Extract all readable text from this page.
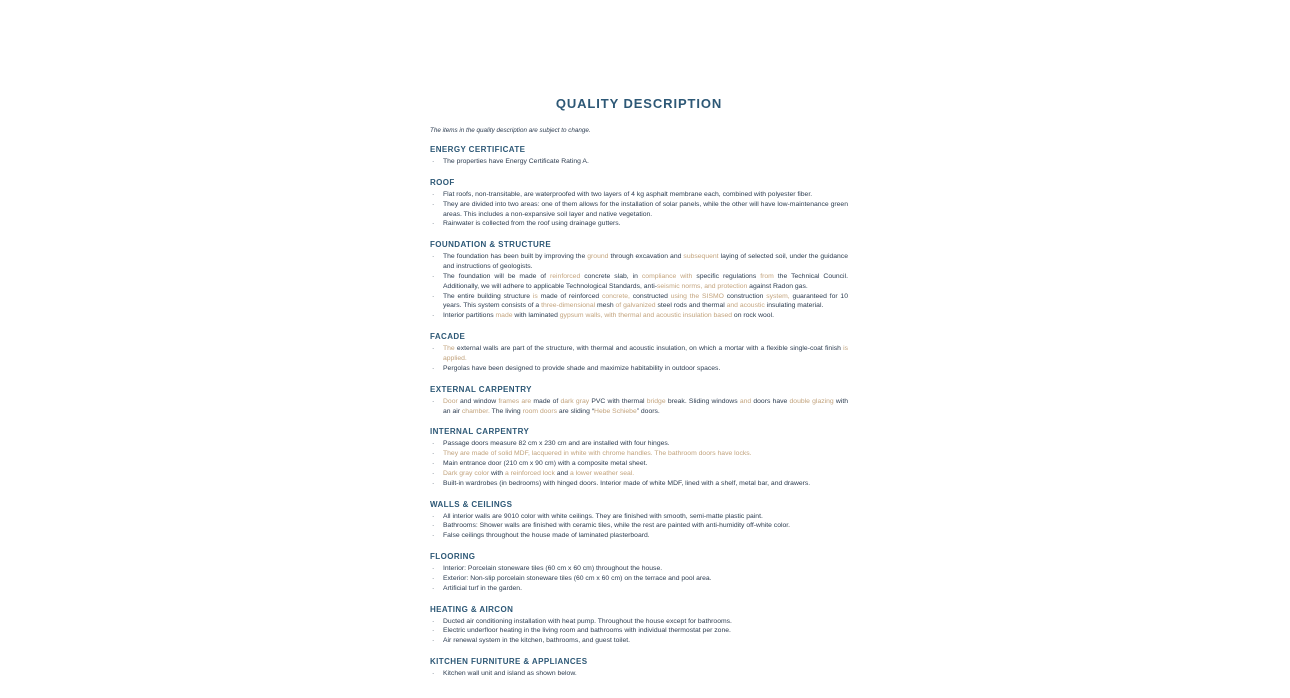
QUALITY DESCRIPTION

The items in the quality description are subject to change.

ENERGY CERTIFICATE
· The properties have Energy Certificate Rating A.
ROOF
· Flat roofs, non-transitable, are waterproofed with two layers of 4 kg asphalt membrane each, combined with polyester fiber.
· They are divided into two areas: one of them allows for the installation of solar panels, while the other will have low-maintenance green areas. This includes a non-expansive soil layer and native vegetation.
· Rainwater is collected from the roof using drainage gutters.
FOUNDATION & STRUCTURE
· The foundation has been built by improving the ground through excavation and subsequent laying of selected soil, under the guidance and instructions of geologists.
· The foundation will be made of reinforced concrete slab, in compliance with specific regulations from the Technical Council. Additionally, we will adhere to applicable Technological Standards, anti-seismic norms, and protection against Radon gas.
· The entire building structure is made of reinforced concrete, constructed using the SISMO construction system, guaranteed for 10 years. This system consists of a three-dimensional mesh of galvanized steel rods and thermal and acoustic insulating material.
· Interior partitions made with laminated gypsum walls, with thermal and acoustic insulation based on rock wool.
FACADE
· The external walls are part of the structure, with thermal and acoustic insulation, on which a mortar with a flexible single-coat finish is applied.
· Pergolas have been designed to provide shade and maximize habitability in outdoor spaces.
EXTERNAL CARPENTRY
· Door and window frames are made of dark gray PVC with thermal bridge break. Sliding windows and doors have double glazing with an air chamber. The living room doors are sliding “Hebe Schiebe” doors.
INTERNAL CARPENTRY
· Passage doors measure 82 cm x 230 cm and are installed with four hinges.
· They are made of solid MDF, lacquered in white with chrome handles. The bathroom doors have locks.
· Main entrance door (210 cm x 90 cm) with a composite metal sheet.
· Dark gray color with a reinforced lock and a lower weather seal.
· Built-in wardrobes (in bedrooms) with hinged doors. Interior made of white MDF, lined with a shelf, metal bar, and drawers.
WALLS & CEILINGS
· All interior walls are 9010 color with white ceilings. They are finished with smooth, semi-matte plastic paint.
· Bathrooms: Shower walls are finished with ceramic tiles, while the rest are painted with anti-humidity off-white color.
· False ceilings throughout the house made of laminated plasterboard.
FLOORING
· Interior: Porcelain stoneware tiles (60 cm x 60 cm) throughout the house.
· Exterior: Non-slip porcelain stoneware tiles (60 cm x 60 cm) on the terrace and pool area.
· Artificial turf in the garden.
HEATING & AIRCON
· Ducted air conditioning installation with heat pump. Throughout the house except for bathrooms.
· Electric underfloor heating in the living room and bathrooms with individual thermostat per zone.
· Air renewal system in the kitchen, bathrooms, and guest toilet.
KITCHEN FURNITURE & APPLIANCES
· Kitchen wall unit and island as shown below.
